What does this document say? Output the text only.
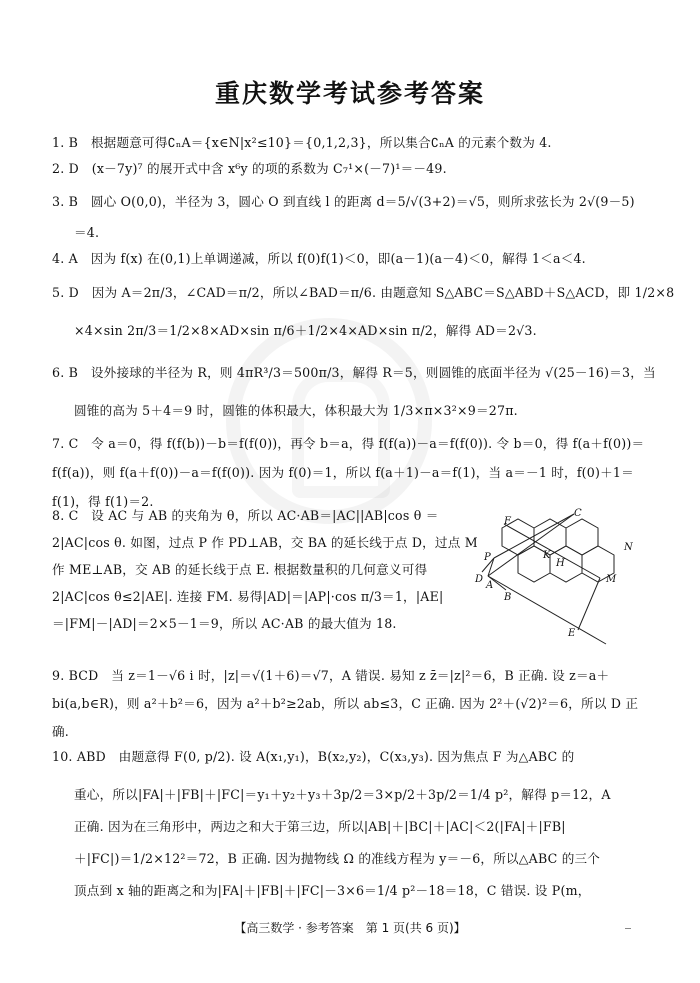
重庆数学考试参考答案
1. B　根据题意可得∁ₙA＝{x∈N|x²≤10}＝{0,1,2,3}，所以集合∁ₙA 的元素个数为 4.
2. D　(x－7y)⁷ 的展开式中含 x⁶y 的项的系数为 C₇¹×(－7)¹＝－49.
3. B　圆心 O(0,0)，半径为 3，圆心 O 到直线 l 的距离 d＝5/√(3+2)＝√5，则所求弦长为 2√(9－5)
＝4.
4. A　因为 f(x) 在(0,1)上单调递减，所以 f(0)f(1)＜0，即(a－1)(a－4)＜0，解得 1＜a＜4.
5. D　因为 A＝2π/3，∠CAD＝π/2，所以∠BAD＝π/6. 由题意知 S△ABC＝S△ABD＋S△ACD，即 1/2×8
×4×sin 2π/3＝1/2×8×AD×sin π/6＋1/2×4×AD×sin π/2，解得 AD＝2√3.
6. B　设外接球的半径为 R，则 4πR³/3＝500π/3，解得 R＝5，则圆锥的底面半径为 √(25－16)＝3，当
圆锥的高为 5＋4＝9 时，圆锥的体积最大，体积最大为 1/3×π×3²×9＝27π.
7. C　令 a＝0，得 f(f(b))－b＝f(f(0))，再令 b＝a，得 f(f(a))－a＝f(f(0)). 令 b＝0，得 f(a＋f(0))＝f(f(a))，则 f(a＋f(0))－a＝f(f(0)). 因为 f(0)＝1，所以 f(a＋1)－a＝f(1)，当 a＝－1 时，f(0)＋1＝f(1)，得 f(1)＝2.
8. C　设 AC 与 AB 的夹角为 θ，所以 AC·AB＝|AC||AB|cos θ ＝2|AC|cos θ. 如图，过点 P 作 PD⊥AB，交 BA 的延长线于点 D，过点 M 作 ME⊥AB，交 AB 的延长线于点 E. 根据数量积的几何意义可得 2|AC|cos θ≤2|AE|. 连接 FM. 易得|AD|＝|AP|·cos π/3＝1，|AE|＝|FM|－|AD|＝2×5－1＝9，所以 AC·AB 的最大值为 18.
F
C
N
K
H
P
D
A
B
M
E
9. BCD　当 z＝1－√6 i 时，|z|＝√(1＋6)＝√7，A 错误. 易知 z z̄＝|z|²＝6，B 正确. 设 z＝a＋bi(a,b∈R)，则 a²＋b²＝6，因为 a²＋b²≥2ab，所以 ab≤3，C 正确. 因为 2²＋(√2)²＝6，所以 D 正确.
10. ABD　由题意得 F(0, p/2). 设 A(x₁,y₁)，B(x₂,y₂)，C(x₃,y₃). 因为焦点 F 为△ABC 的
重心，所以|FA|＋|FB|＋|FC|＝y₁＋y₂＋y₃＋3p/2＝3×p/2＋3p/2＝1/4 p²，解得 p＝12，A
正确. 因为在三角形中，两边之和大于第三边，所以|AB|＋|BC|＋|AC|＜2(|FA|＋|FB|
＋|FC|)＝1/2×12²＝72，B 正确. 因为抛物线 Ω 的准线方程为 y＝－6，所以△ABC 的三个
顶点到 x 轴的距离之和为|FA|＋|FB|＋|FC|－3×6＝1/4 p²－18＝18，C 错误. 设 P(m，
【高三数学 · 参考答案　第 1 页(共 6 页)】
